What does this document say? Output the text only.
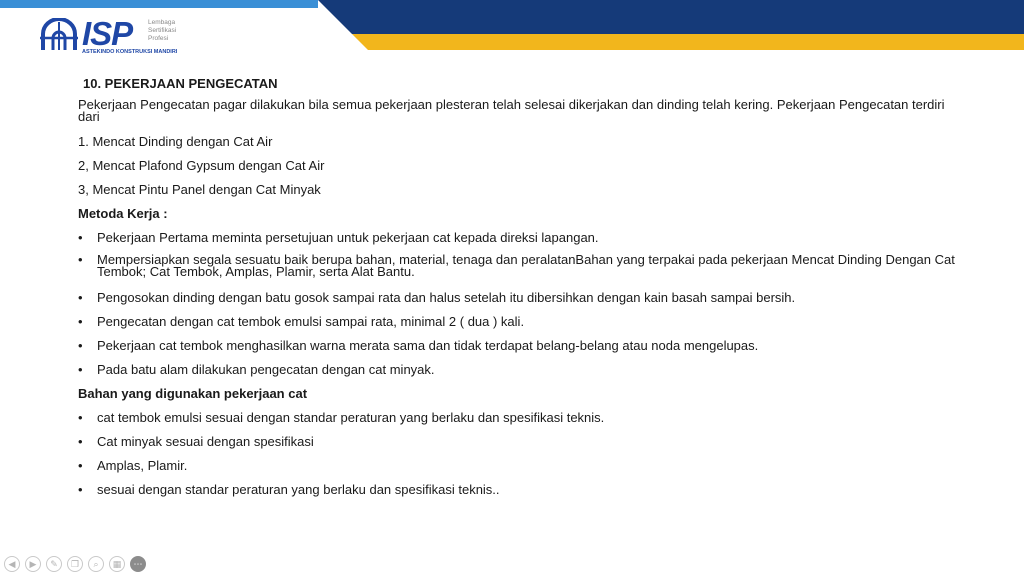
ISP Lembaga
Sertifikasi
Profesi
ASTEKINDO KONSTRUKSI MANDIRI
10. PEKERJAAN PENGECATAN
Pekerjaan Pengecatan pagar dilakukan bila semua pekerjaan plesteran telah selesai dikerjakan dan dinding telah kering. Pekerjaan Pengecatan terdiri dari
1. Mencat Dinding dengan Cat Air
2, Mencat Plafond Gypsum dengan Cat Air
3, Mencat Pintu Panel dengan Cat Minyak
Metoda Kerja :
• Pekerjaan Pertama meminta persetujuan untuk pekerjaan cat kepada direksi lapangan.
• Mempersiapkan segala sesuatu baik berupa bahan, material, tenaga dan peralatanBahan yang terpakai pada pekerjaan Mencat Dinding Dengan Cat Tembok; Cat Tembok, Amplas, Plamir, serta Alat Bantu.
• Pengosokan dinding dengan batu gosok sampai rata dan halus setelah itu dibersihkan dengan kain basah sampai bersih.
• Pengecatan dengan cat tembok emulsi sampai rata, minimal 2 ( dua ) kali.
• Pekerjaan cat tembok menghasilkan warna merata sama dan tidak terdapat belang-belang atau noda mengelupas.
• Pada batu alam dilakukan pengecatan dengan cat minyak.
Bahan yang digunakan pekerjaan cat
• cat tembok emulsi sesuai dengan standar peraturan yang berlaku dan spesifikasi teknis.
• Cat minyak sesuai dengan spesifikasi
• Amplas, Plamir.
• sesuai dengan standar peraturan yang berlaku dan spesifikasi teknis..
◀ ▶ ✎ ❐ ⌕ ▦ ⋯
